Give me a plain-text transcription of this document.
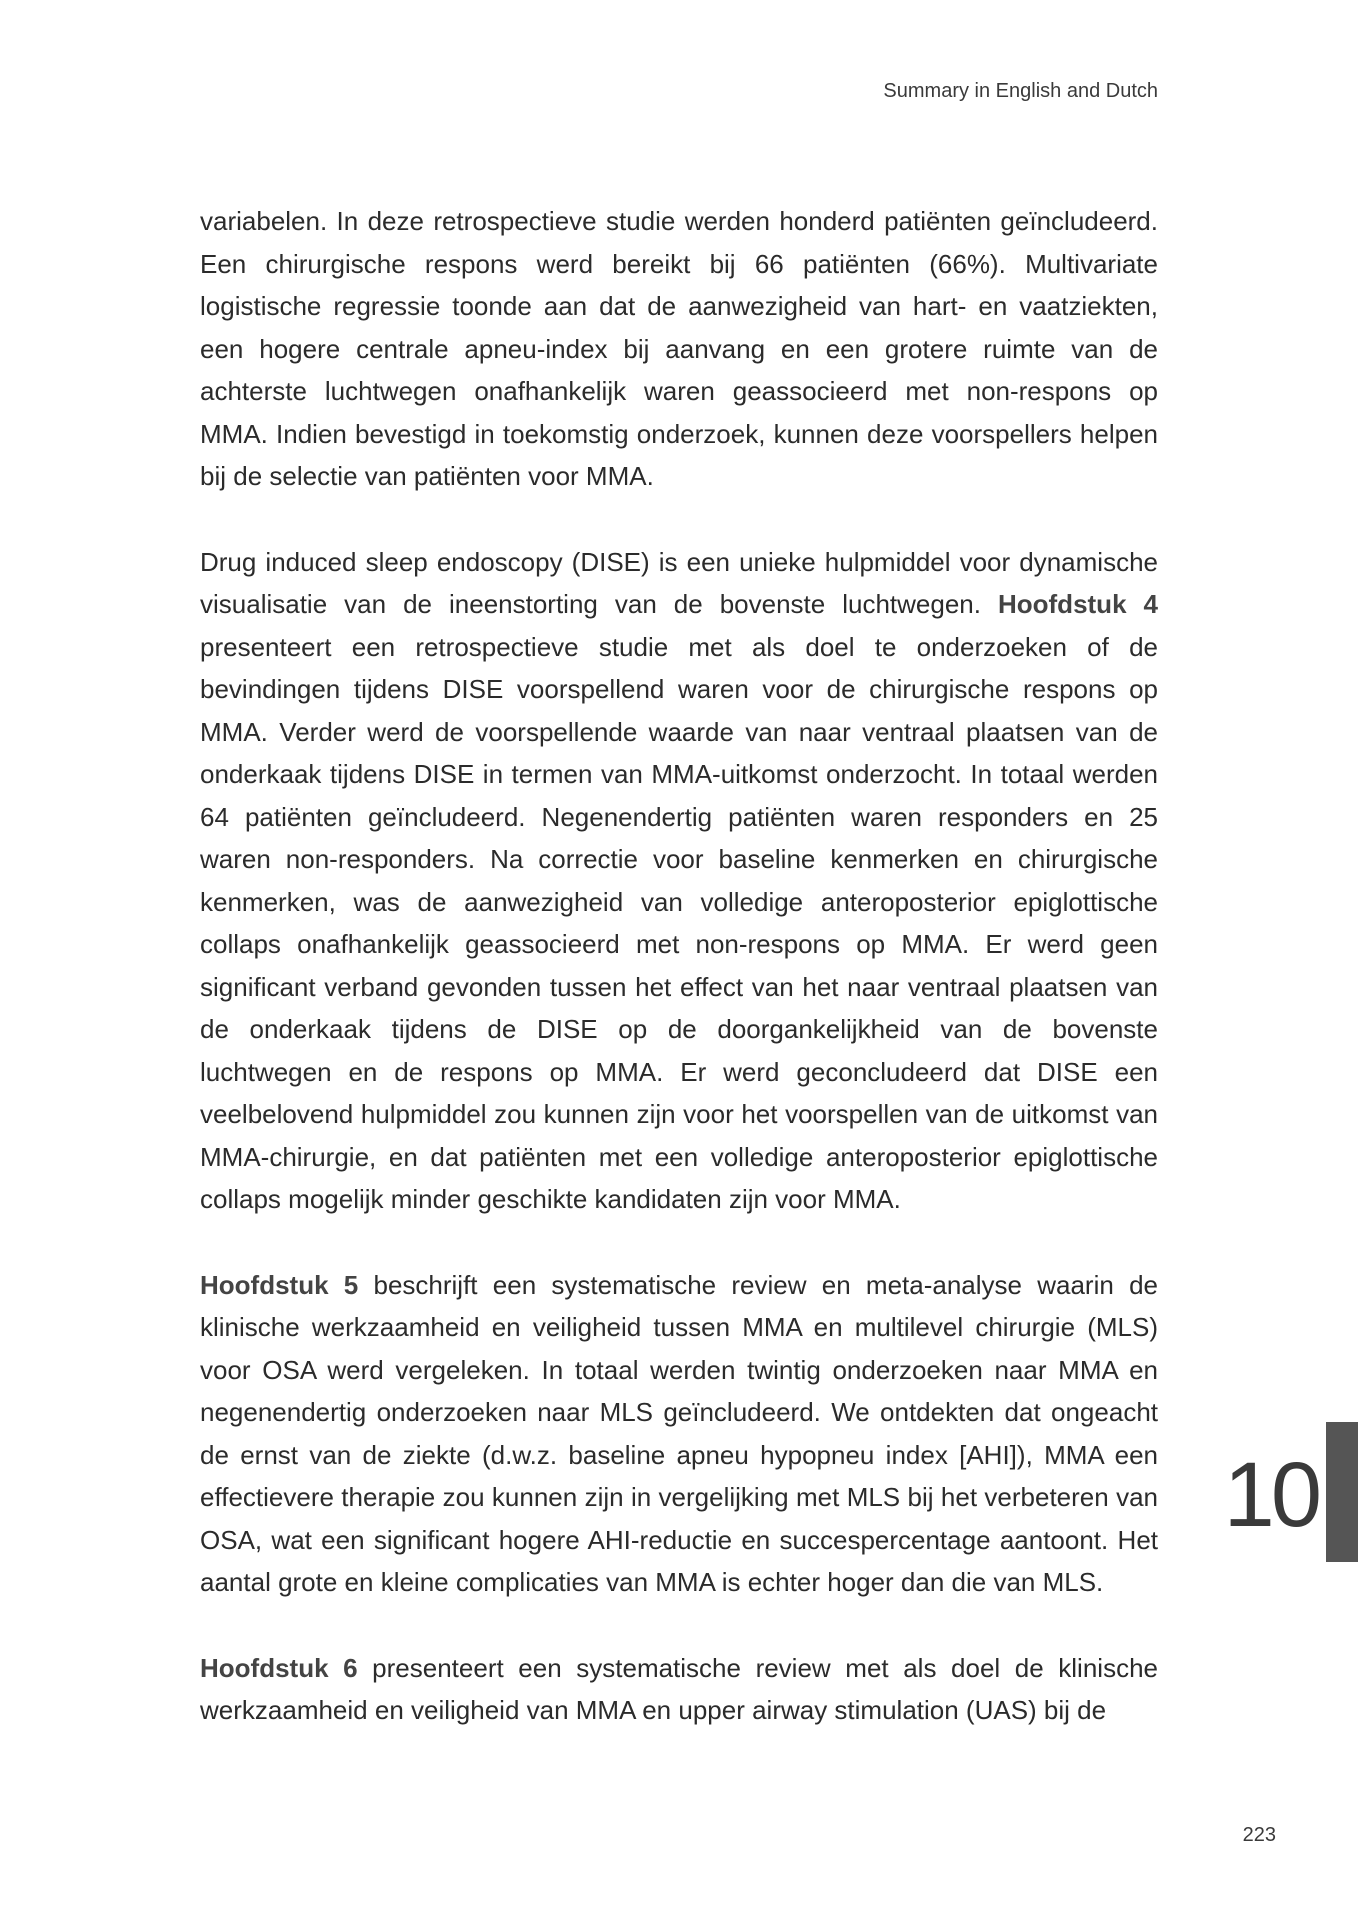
Summary in English and Dutch

variabelen. In deze retrospectieve studie werden honderd patiënten geïncludeerd. Een chirurgische respons werd bereikt bij 66 patiënten (66%). Multivariate logistische regressie toonde aan dat de aanwezigheid van hart- en vaatziekten, een hogere centrale apneu-index bij aanvang en een grotere ruimte van de achterste luchtwegen onafhankelijk waren geassocieerd met non-respons op MMA. Indien bevestigd in toekomstig onderzoek, kunnen deze voorspellers helpen bij de selectie van patiënten voor MMA.

Drug induced sleep endoscopy (DISE) is een unieke hulpmiddel voor dynamische visualisatie van de ineenstorting van de bovenste luchtwegen. Hoofdstuk 4 presenteert een retrospectieve studie met als doel te onderzoeken of de bevindingen tijdens DISE voorspellend waren voor de chirurgische respons op MMA. Verder werd de voorspellende waarde van naar ventraal plaatsen van de onderkaak tijdens DISE in termen van MMA-uitkomst onderzocht. In totaal werden 64 patiënten geïncludeerd. Negenendertig patiënten waren responders en 25 waren non-responders. Na correctie voor baseline kenmerken en chirurgische kenmerken, was de aanwezigheid van volledige anteroposterior epiglottische collaps onafhankelijk geassocieerd met non-respons op MMA. Er werd geen significant verband gevonden tussen het effect van het naar ventraal plaatsen van de onderkaak tijdens de DISE op de doorgankelijkheid van de bovenste luchtwegen en de respons op MMA. Er werd geconcludeerd dat DISE een veelbelovend hulpmiddel zou kunnen zijn voor het voorspellen van de uitkomst van MMA-chirurgie, en dat patiënten met een volledige anteroposterior epiglottische collaps mogelijk minder geschikte kandidaten zijn voor MMA.

Hoofdstuk 5 beschrijft een systematische review en meta-analyse waarin de klinische werkzaamheid en veiligheid tussen MMA en multilevel chirurgie (MLS) voor OSA werd vergeleken. In totaal werden twintig onderzoeken naar MMA en negenendertig onderzoeken naar MLS geïncludeerd. We ontdekten dat ongeacht de ernst van de ziekte (d.w.z. baseline apneu hypopneu index [AHI]), MMA een effectievere therapie zou kunnen zijn in vergelijking met MLS bij het verbeteren van OSA, wat een significant hogere AHI-reductie en succespercentage aantoont. Het aantal grote en kleine complicaties van MMA is echter hoger dan die van MLS.

Hoofdstuk 6 presenteert een systematische review met als doel de klinische werkzaamheid en veiligheid van MMA en upper airway stimulation (UAS) bij de

10
223
